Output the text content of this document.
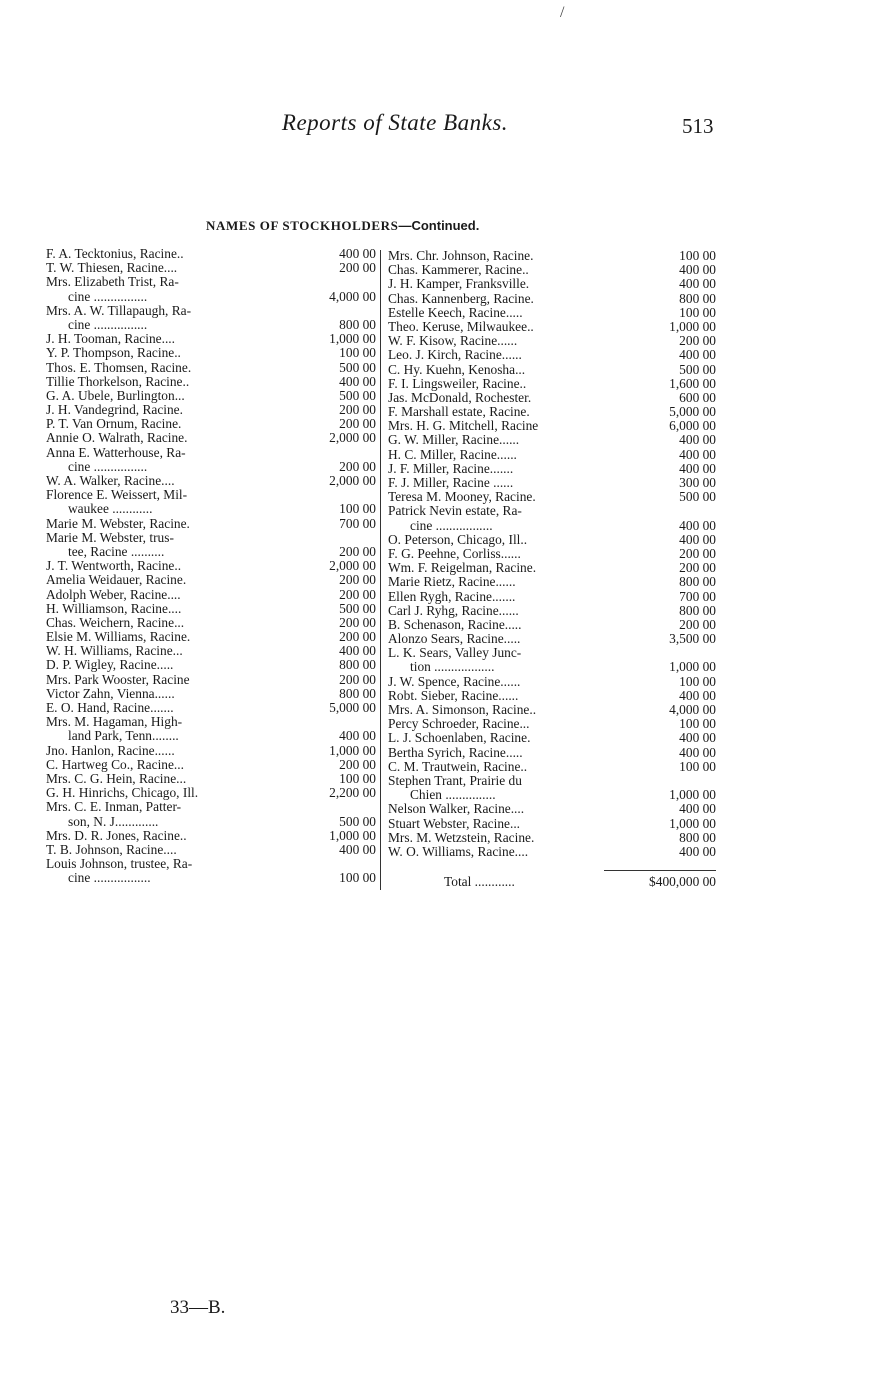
/
Reports of State Banks.	513
NAMES OF STOCKHOLDERS—Continued.
F. A. Tecktonius, Racine..	400 00
T. W. Thiesen, Racine....	200 00
Mrs. Elizabeth Trist, Ra-
cine ................	4,000 00
Mrs. A. W. Tillapaugh, Ra-
cine ................	800 00
J. H. Tooman, Racine....	1,000 00
Y. P. Thompson, Racine..	100 00
Thos. E. Thomsen, Racine.	500 00
Tillie Thorkelson, Racine..	400 00
G. A. Ubele, Burlington...	500 00
J. H. Vandegrind, Racine.	200 00
P. T. Van Ornum, Racine.	200 00
Annie O. Walrath, Racine.	2,000 00
Anna E. Watterhouse, Ra-
cine ................	200 00
W. A. Walker, Racine....	2,000 00
Florence E. Weissert, Mil-
waukee ............	100 00
Marie M. Webster, Racine.	700 00
Marie M. Webster, trus-
tee, Racine ..........	200 00
J. T. Wentworth, Racine..	2,000 00
Amelia Weidauer, Racine.	200 00
Adolph Weber, Racine....	200 00
H. Williamson, Racine....	500 00
Chas. Weichern, Racine...	200 00
Elsie M. Williams, Racine.	200 00
W. H. Williams, Racine...	400 00
D. P. Wigley, Racine.....	800 00
Mrs. Park Wooster, Racine	200 00
Victor Zahn, Vienna......	800 00
E. O. Hand, Racine.......	5,000 00
Mrs. M. Hagaman, High-
land Park, Tenn........	400 00
Jno. Hanlon, Racine......	1,000 00
C. Hartweg Co., Racine...	200 00
Mrs. C. G. Hein, Racine...	100 00
G. H. Hinrichs, Chicago, Ill.	2,200 00
Mrs. C. E. Inman, Patter-
son, N. J.............	500 00
Mrs. D. R. Jones, Racine..	1,000 00
T. B. Johnson, Racine....	400 00
Louis Johnson, trustee, Ra-
cine .................	100 00
Mrs. Chr. Johnson, Racine.	100 00
Chas. Kammerer, Racine..	400 00
J. H. Kamper, Franksville.	400 00
Chas. Kannenberg, Racine.	800 00
Estelle Keech, Racine.....	100 00
Theo. Keruse, Milwaukee..	1,000 00
W. F. Kisow, Racine......	200 00
Leo. J. Kirch, Racine......	400 00
C. Hy. Kuehn, Kenosha...	500 00
F. I. Lingsweiler, Racine..	1,600 00
Jas. McDonald, Rochester.	600 00
F. Marshall estate, Racine.	5,000 00
Mrs. H. G. Mitchell, Racine	6,000 00
G. W. Miller, Racine......	400 00
H. C. Miller, Racine......	400 00
J. F. Miller, Racine.......	400 00
F. J. Miller, Racine ......	300 00
Teresa M. Mooney, Racine.	500 00
Patrick Nevin estate, Ra-
cine .................	400 00
O. Peterson, Chicago, Ill..	400 00
F. G. Peehne, Corliss......	200 00
Wm. F. Reigelman, Racine.	200 00
Marie Rietz, Racine......	800 00
Ellen Rygh, Racine.......	700 00
Carl J. Ryhg, Racine......	800 00
B. Schenason, Racine.....	200 00
Alonzo Sears, Racine.....	3,500 00
L. K. Sears, Valley Junc-
tion ..................	1,000 00
J. W. Spence, Racine......	100 00
Robt. Sieber, Racine......	400 00
Mrs. A. Simonson, Racine..	4,000 00
Percy Schroeder, Racine...	100 00
L. J. Schoenlaben, Racine.	400 00
Bertha Syrich, Racine.....	400 00
C. M. Trautwein, Racine..	100 00
Stephen Trant, Prairie du
Chien ...............	1,000 00
Nelson Walker, Racine....	400 00
Stuart Webster, Racine...	1,000 00
Mrs. M. Wetzstein, Racine.	800 00
W. O. Williams, Racine....	400 00
Total ............	$400,000 00
33—B.
